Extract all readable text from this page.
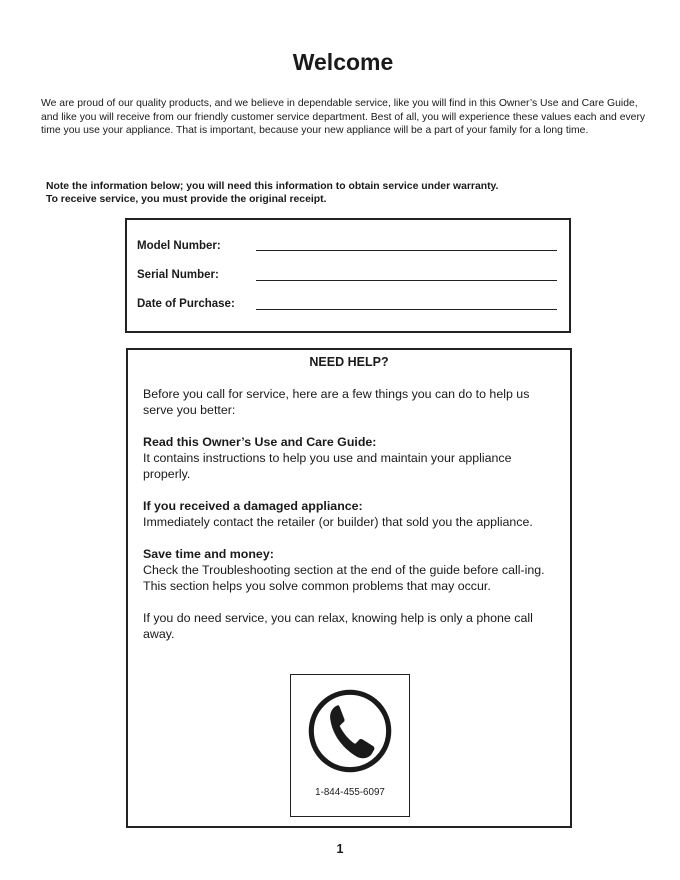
Welcome
We are proud of our quality products, and we believe in dependable service, like you will find in this Owner’s Use and Care Guide, and like you will receive from our friendly customer service department. Best of all, you will experience these values each and every time you use your appliance. That is important, because your new appliance will be a part of your family for a long time.
Note the information below; you will need this information to obtain service under warranty.
To receive service, you must provide the original receipt.
Model Number:
Serial Number:
Date of Purchase:
NEED HELP?

Before you call for service, here are a few things you can do to help us serve you better:

Read this Owner’s Use and Care Guide:
It contains instructions to help you use and maintain your appliance properly.

If you received a damaged appliance:
Immediately contact the retailer (or builder) that sold you the appliance.

Save time and money:
Check the Troubleshooting section at the end of the guide before call-ing. This section helps you solve common problems that may occur.

If you do need service, you can relax, knowing help is only a phone call away.

1-844-455-6097
1
